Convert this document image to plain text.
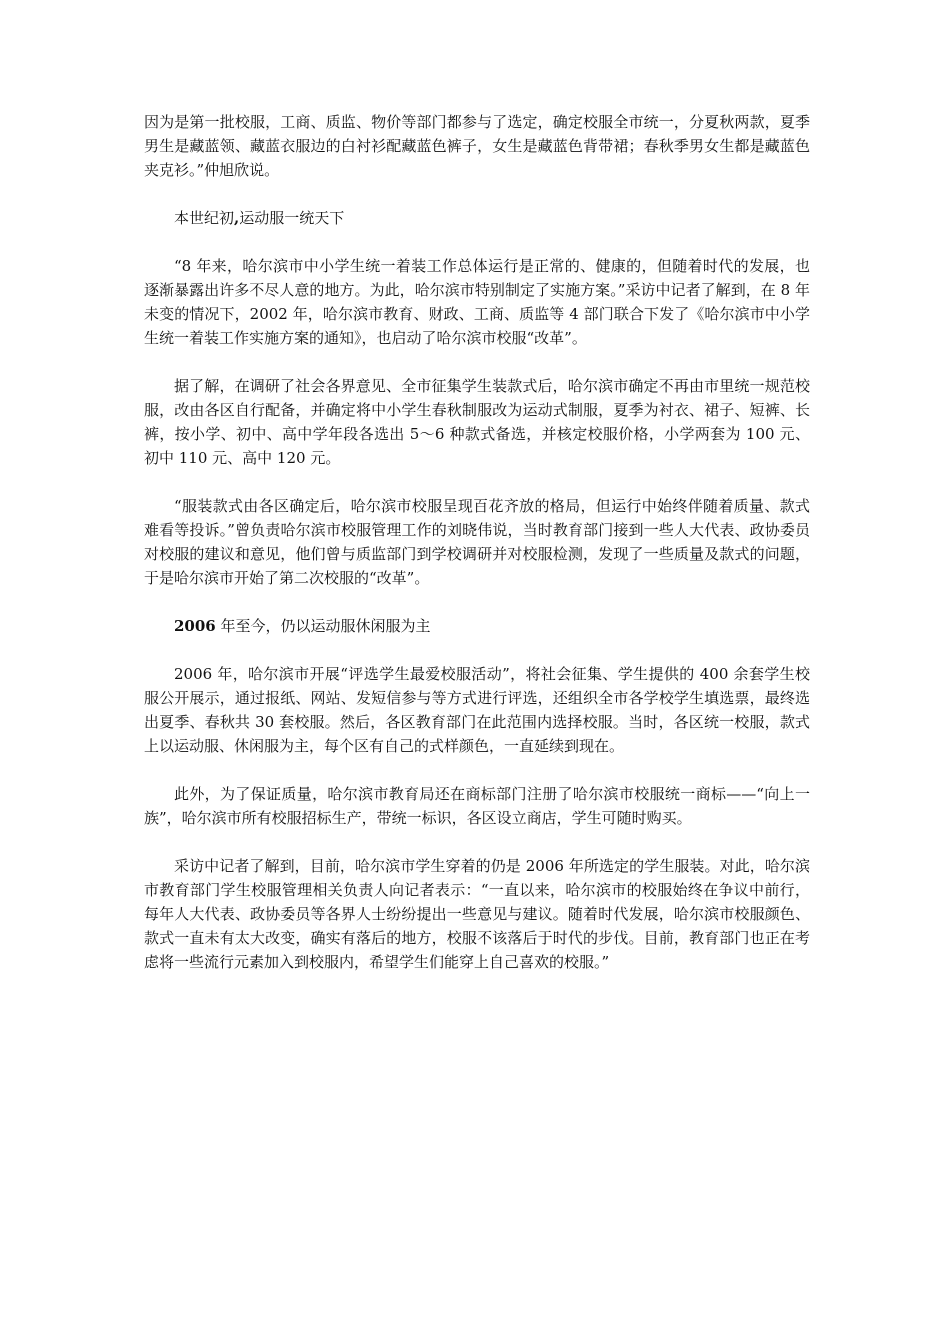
因为是第一批校服，工商、质监、物价等部门都参与了选定，确定校服全市统一，分夏秋两款，夏季男生是藏蓝领、藏蓝衣服边的白衬衫配藏蓝色裤子，女生是藏蓝色背带裙；春秋季男女生都是藏蓝色夹克衫。”仲旭欣说。

本世纪初,运动服一统天下

“8 年来，哈尔滨市中小学生统一着装工作总体运行是正常的、健康的，但随着时代的发展，也逐渐暴露出许多不尽人意的地方。为此，哈尔滨市特别制定了实施方案。”采访中记者了解到，在 8 年未变的情况下，2002 年，哈尔滨市教育、财政、工商、质监等 4 部门联合下发了《哈尔滨市中小学生统一着装工作实施方案的通知》，也启动了哈尔滨市校服“改革”。

据了解，在调研了社会各界意见、全市征集学生装款式后，哈尔滨市确定不再由市里统一规范校服，改由各区自行配备，并确定将中小学生春秋制服改为运动式制服，夏季为衬衣、裙子、短裤、长裤，按小学、初中、高中学年段各选出 5～6 种款式备选，并核定校服价格，小学两套为 100 元、初中 110 元、高中 120 元。

“服装款式由各区确定后，哈尔滨市校服呈现百花齐放的格局，但运行中始终伴随着质量、款式难看等投诉。”曾负责哈尔滨市校服管理工作的刘晓伟说，当时教育部门接到一些人大代表、政协委员对校服的建议和意见，他们曾与质监部门到学校调研并对校服检测，发现了一些质量及款式的问题，于是哈尔滨市开始了第二次校服的“改革”。

2006 年至今，仍以运动服休闲服为主

2006 年，哈尔滨市开展“评选学生最爱校服活动”，将社会征集、学生提供的 400 余套学生校服公开展示，通过报纸、网站、发短信参与等方式进行评选，还组织全市各学校学生填选票，最终选出夏季、春秋共 30 套校服。然后，各区教育部门在此范围内选择校服。当时，各区统一校服，款式上以运动服、休闲服为主，每个区有自己的式样颜色，一直延续到现在。

此外，为了保证质量，哈尔滨市教育局还在商标部门注册了哈尔滨市校服统一商标——“向上一族”，哈尔滨市所有校服招标生产，带统一标识，各区设立商店，学生可随时购买。

采访中记者了解到，目前，哈尔滨市学生穿着的仍是 2006 年所选定的学生服装。对此，哈尔滨市教育部门学生校服管理相关负责人向记者表示：“一直以来，哈尔滨市的校服始终在争议中前行，每年人大代表、政协委员等各界人士纷纷提出一些意见与建议。随着时代发展，哈尔滨市校服颜色、款式一直未有太大改变，确实有落后的地方，校服不该落后于时代的步伐。目前，教育部门也正在考虑将一些流行元素加入到校服内，希望学生们能穿上自己喜欢的校服。”
